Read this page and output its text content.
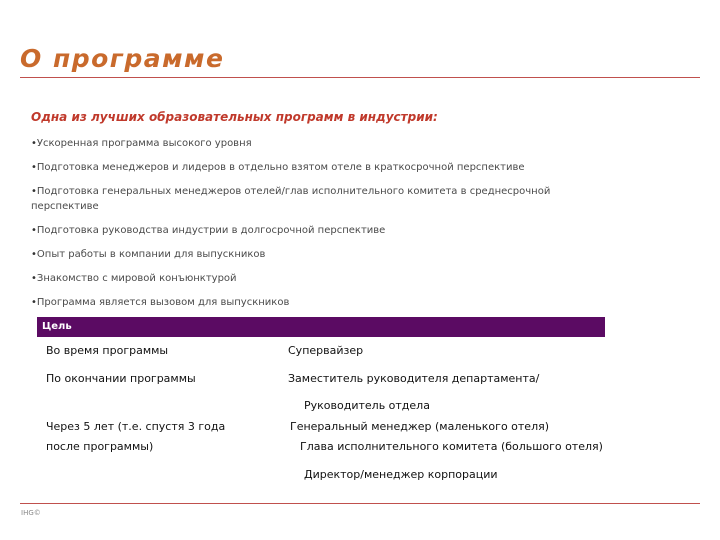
О программе
Одна из лучших образовательных программ в индустрии:
•Ускоренная программа высокого уровня
•Подготовка менеджеров и лидеров в отдельно взятом отеле в краткосрочной перспективе
•Подготовка генеральных менеджеров отелей/глав исполнительного комитета в среднесрочной перспективе
•Подготовка руководства индустрии в долгосрочной перспективе
•Опыт работы в компании для выпускников
•Знакомство с мировой конъюнктурой
•Программа является вызовом для выпускников
Цель
Во время программы	Супервайзер
По окончании программы	Заместитель руководителя департамента/
Руководитель отдела
Через 5 лет (т.е. спустя 3 года	Генеральный менеджер (маленького отеля)
после программы)	Глава исполнительного комитета (большого отеля)
Директор/менеджер корпорации
IHG©
